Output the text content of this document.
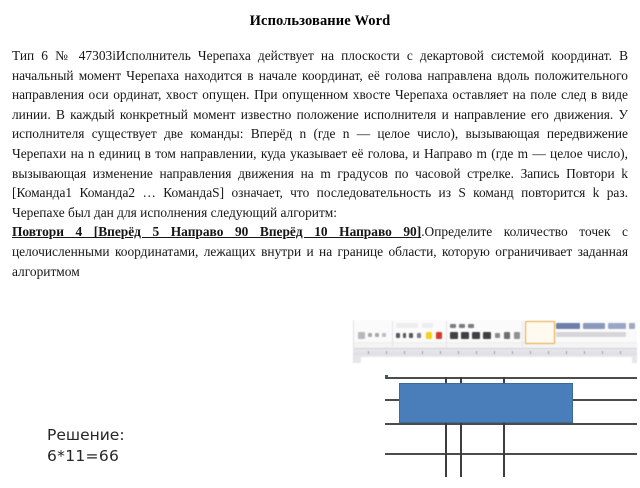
Использование Word

Тип 6 № 47303iИсполнитель Черепаха действует на плоскости с декартовой системой координат. В начальный момент Черепаха находится в начале координат, её голова направлена вдоль положительного направления оси ординат, хвост опущен. При опущенном хвосте Черепаха оставляет на поле след в виде линии. В каждый конкретный момент известно положение исполнителя и направление его движения. У исполнителя существует две команды: Вперёд n (где n — целое число), вызывающая передвижение Черепахи на n единиц в том направлении, куда указывает её голова, и Направо m (где m — целое число), вызывающая изменение направления движения на m градусов по часовой стрелке. Запись Повтори k [Команда1 Команда2 … КомандаS] означает, что последовательность из S команд повторится k раз. Черепахе был дан для исполнения следующий алгоритм:

Повтори 4 [Вперёд 5 Направо 90 Вперёд 10 Направо 90].Определите количество точек с целочисленными координатами, лежащих внутри и на границе области, которую ограничивает заданная алгоритмом

Решение:

6*11=66
